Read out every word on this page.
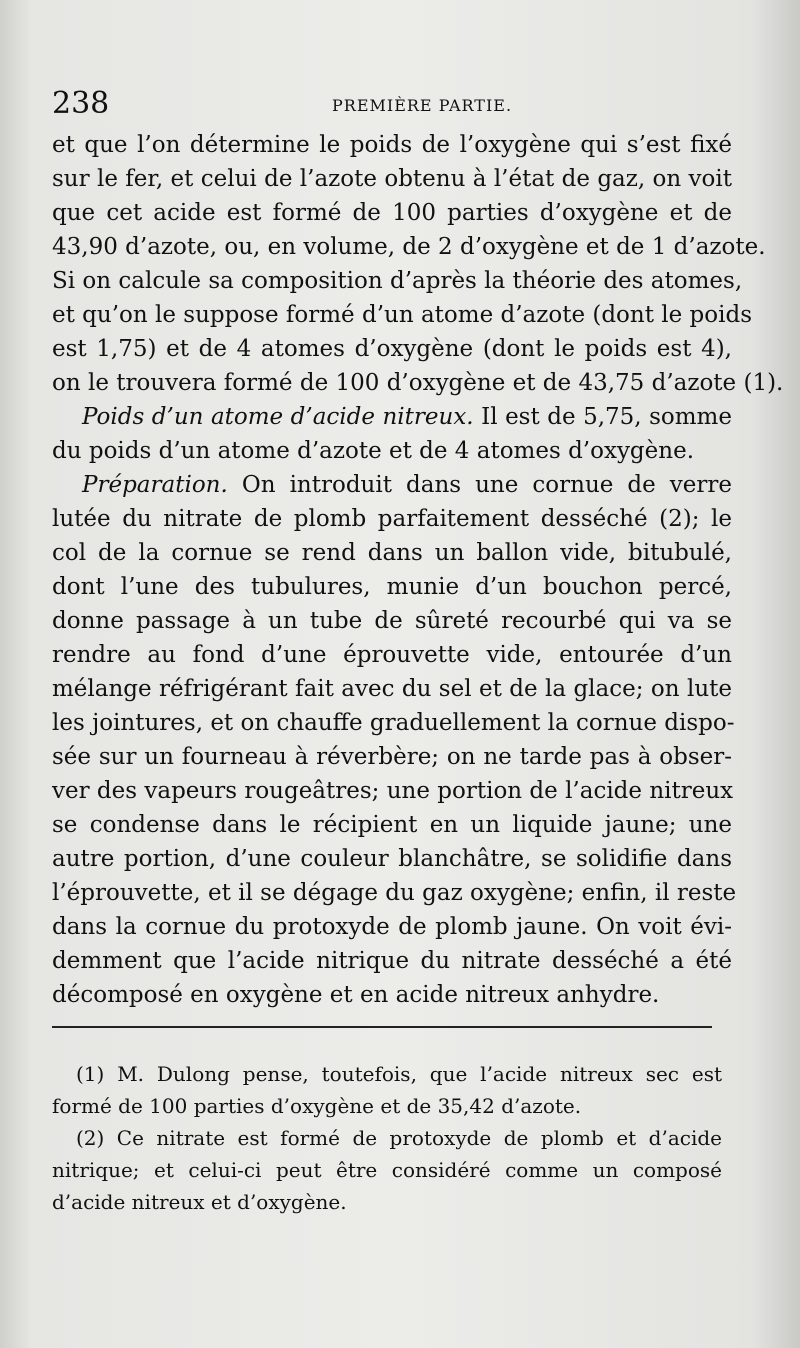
238	PREMIÈRE PARTIE.
et que l’on détermine le poids de l’oxygène qui s’est fixé
sur le fer, et celui de l’azote obtenu à l’état de gaz, on voit
que cet acide est formé de 100 parties d’oxygène et de
43,90 d’azote, ou, en volume, de 2 d’oxygène et de 1 d’azote.
Si on calcule sa composition d’après la théorie des atomes,
et qu’on le suppose formé d’un atome d’azote (dont le poids
est 1,75) et de 4 atomes d’oxygène (dont le poids est 4),
on le trouvera formé de 100 d’oxygène et de 43,75 d’azote (1).
Poids d’un atome d’acide nitreux. Il est de 5,75, somme
du poids d’un atome d’azote et de 4 atomes d’oxygène.
Préparation. On introduit dans une cornue de verre
lutée du nitrate de plomb parfaitement desséché (2); le
col de la cornue se rend dans un ballon vide, bitubulé,
dont l’une des tubulures, munie d’un bouchon percé,
donne passage à un tube de sûreté recourbé qui va se
rendre au fond d’une éprouvette vide, entourée d’un
mélange réfrigérant fait avec du sel et de la glace; on lute
les jointures, et on chauffe graduellement la cornue dispo-
sée sur un fourneau à réverbère; on ne tarde pas à obser-
ver des vapeurs rougeâtres; une portion de l’acide nitreux
se condense dans le récipient en un liquide jaune; une
autre portion, d’une couleur blanchâtre, se solidifie dans
l’éprouvette, et il se dégage du gaz oxygène; enfin, il reste
dans la cornue du protoxyde de plomb jaune. On voit évi-
demment que l’acide nitrique du nitrate desséché a été
décomposé en oxygène et en acide nitreux anhydre.
(1) M. Dulong pense, toutefois, que l’acide nitreux sec est
formé de 100 parties d’oxygène et de 35,42 d’azote.
(2) Ce nitrate est formé de protoxyde de plomb et d’acide
nitrique; et celui-ci peut être considéré comme un composé
d’acide nitreux et d’oxygène.
